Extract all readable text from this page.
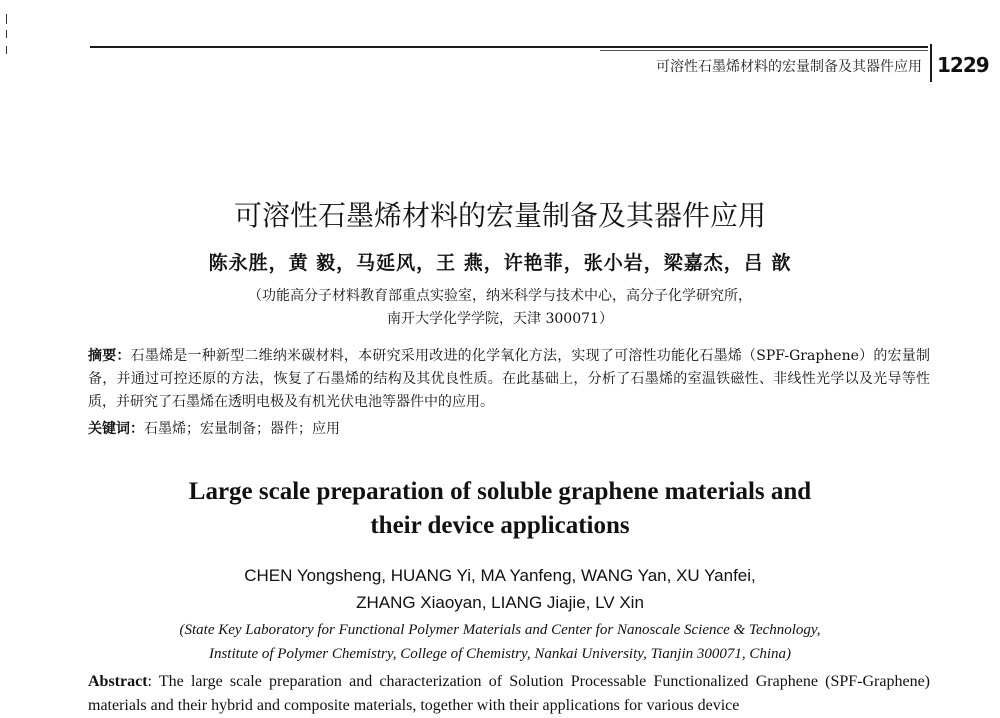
可溶性石墨烯材料的宏量制备及其器件应用 1229
可溶性石墨烯材料的宏量制备及其器件应用
陈永胜，黄 毅，马延风，王 燕，许艳菲，张小岩，梁嘉杰，吕 歆
（功能高分子材料教育部重点实验室，纳米科学与技术中心，高分子化学研究所，
南开大学化学学院，天津 300071）
摘要：石墨烯是一种新型二维纳米碳材料，本研究采用改进的化学氧化方法，实现了可溶性功能化石墨烯（SPF-Graphene）的宏量制备，并通过可控还原的方法，恢复了石墨烯的结构及其优良性质。在此基础上，分析了石墨烯的室温铁磁性、非线性光学以及光导等性质，并研究了石墨烯在透明电极及有机光伏电池等器件中的应用。
关键词：石墨烯；宏量制备；器件；应用
Large scale preparation of soluble graphene materials and
their device applications
CHEN Yongsheng, HUANG Yi, MA Yanfeng, WANG Yan, XU Yanfei,
ZHANG Xiaoyan, LIANG Jiajie, LV Xin
(State Key Laboratory for Functional Polymer Materials and Center for Nanoscale Science & Technology,
Institute of Polymer Chemistry, College of Chemistry, Nankai University, Tianjin 300071, China)
Abstract: The large scale preparation and characterization of Solution Processable Functionalized Graphene (SPF-Graphene) materials and their hybrid and composite materials, together with their applications for various device
